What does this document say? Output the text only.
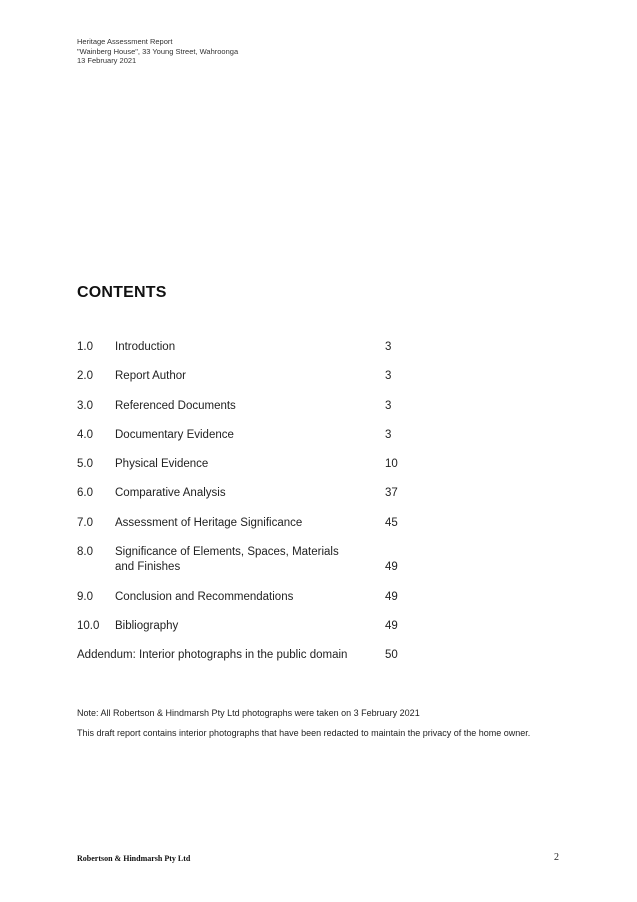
Heritage Assessment Report
"Wainberg House", 33 Young Street, Wahroonga
13 February 2021
CONTENTS
1.0 Introduction	3
2.0 Report Author	3
3.0 Referenced Documents	3
4.0 Documentary Evidence	3
5.0 Physical Evidence	10
6.0 Comparative Analysis	37
7.0 Assessment of Heritage Significance	45
8.0 Significance of Elements, Spaces, Materials and Finishes	49
9.0 Conclusion and Recommendations	49
10.0 Bibliography	49
Addendum: Interior photographs in the public domain	50

Note: All Robertson & Hindmarsh Pty Ltd photographs were taken on 3 February 2021

This draft report contains interior photographs that have been redacted to maintain the privacy of the home owner.

Robertson & Hindmarsh Pty Ltd	2
